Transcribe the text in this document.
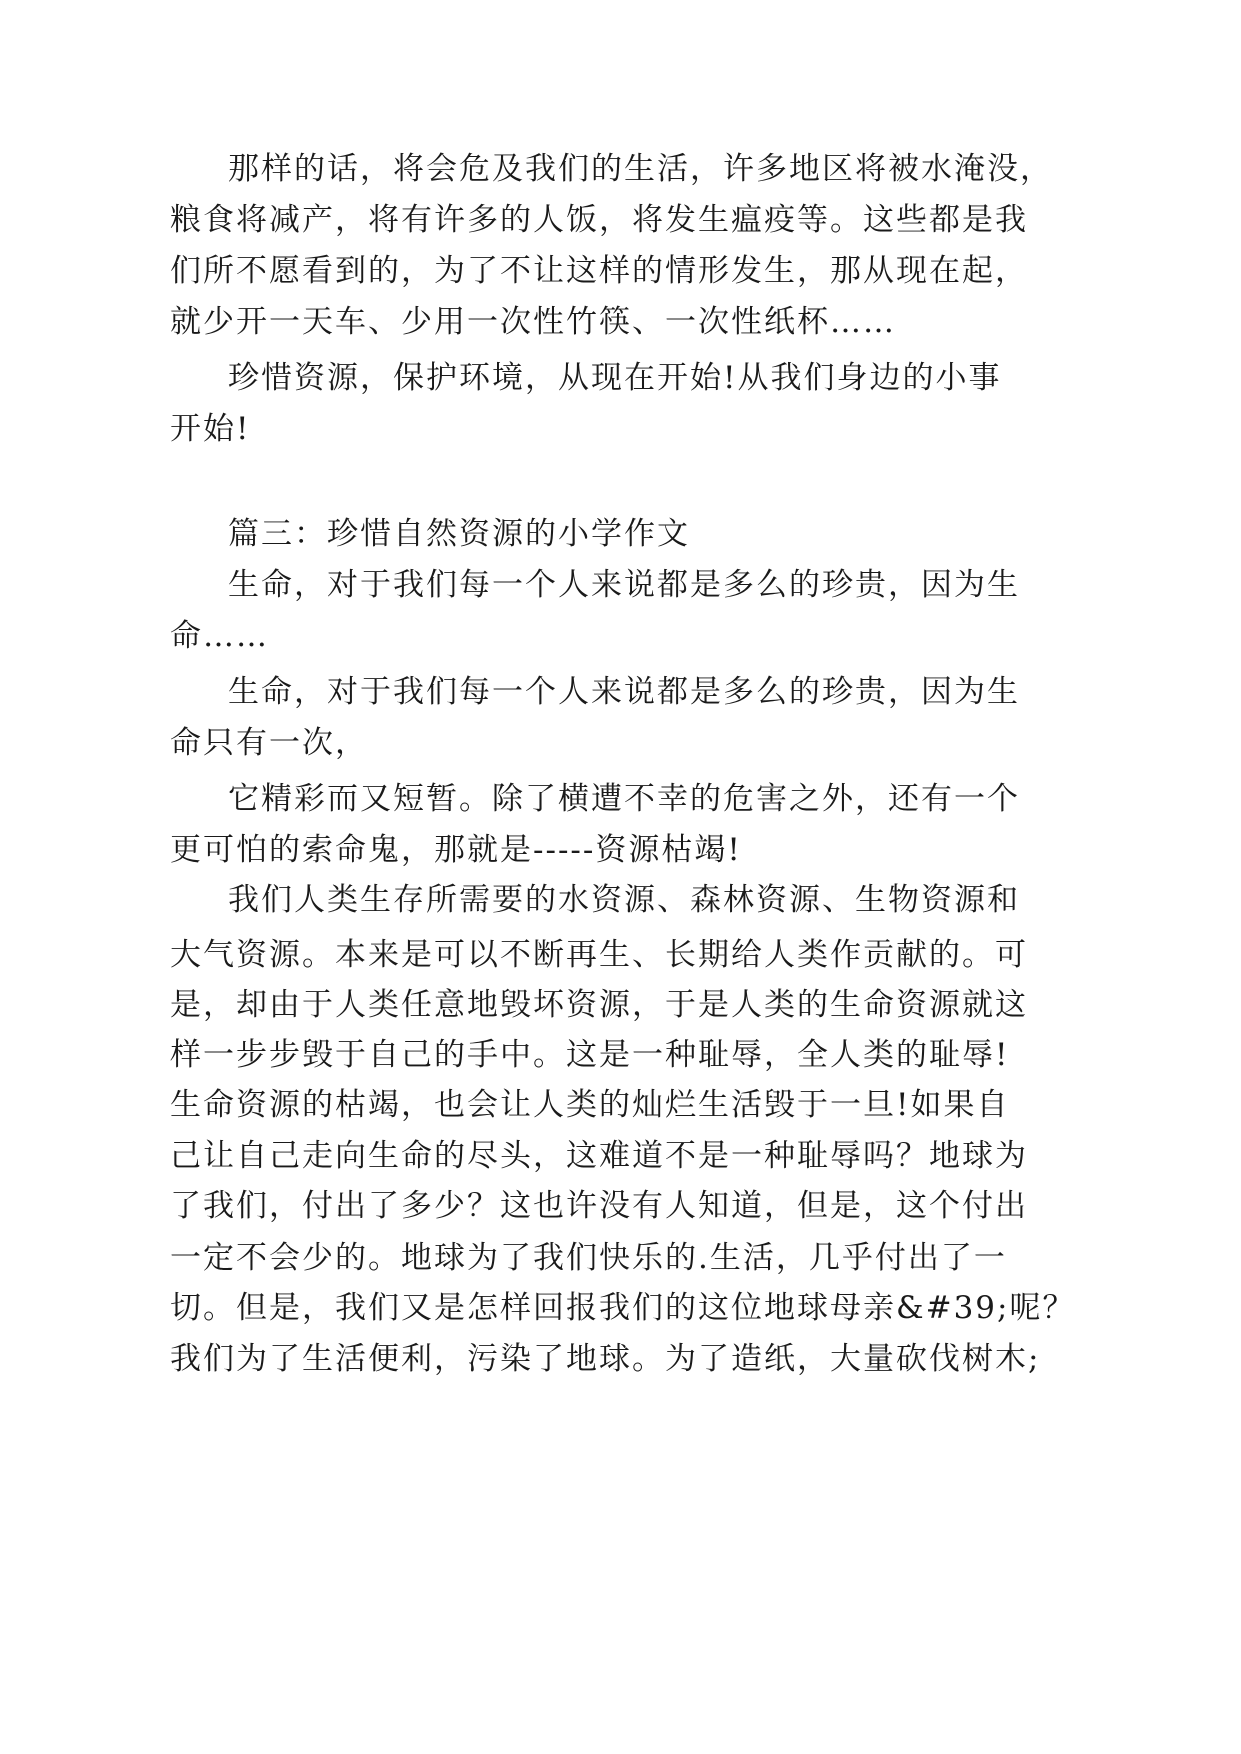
那样的话，将会危及我们的生活，许多地区将被水淹没，
粮食将减产，将有许多的人饭，将发生瘟疫等。这些都是我
们所不愿看到的，为了不让这样的情形发生，那从现在起，
就少开一天车、少用一次性竹筷、一次性纸杯……
珍惜资源，保护环境，从现在开始!从我们身边的小事
开始!
篇三：珍惜自然资源的小学作文
生命，对于我们每一个人来说都是多么的珍贵，因为生
命……
生命，对于我们每一个人来说都是多么的珍贵，因为生
命只有一次，
它精彩而又短暂。除了横遭不幸的危害之外，还有一个
更可怕的索命鬼，那就是-----资源枯竭!
我们人类生存所需要的水资源、森林资源、生物资源和
大气资源。本来是可以不断再生、长期给人类作贡献的。可
是，却由于人类任意地毁坏资源，于是人类的生命资源就这
样一步步毁于自己的手中。这是一种耻辱，全人类的耻辱!
生命资源的枯竭，也会让人类的灿烂生活毁于一旦!如果自
己让自己走向生命的尽头，这难道不是一种耻辱吗？地球为
了我们，付出了多少？这也许没有人知道，但是，这个付出
一定不会少的。地球为了我们快乐的.生活，几乎付出了一
切。但是，我们又是怎样回报我们的这位地球母亲&#39;呢？
我们为了生活便利，污染了地球。为了造纸，大量砍伐树木;
